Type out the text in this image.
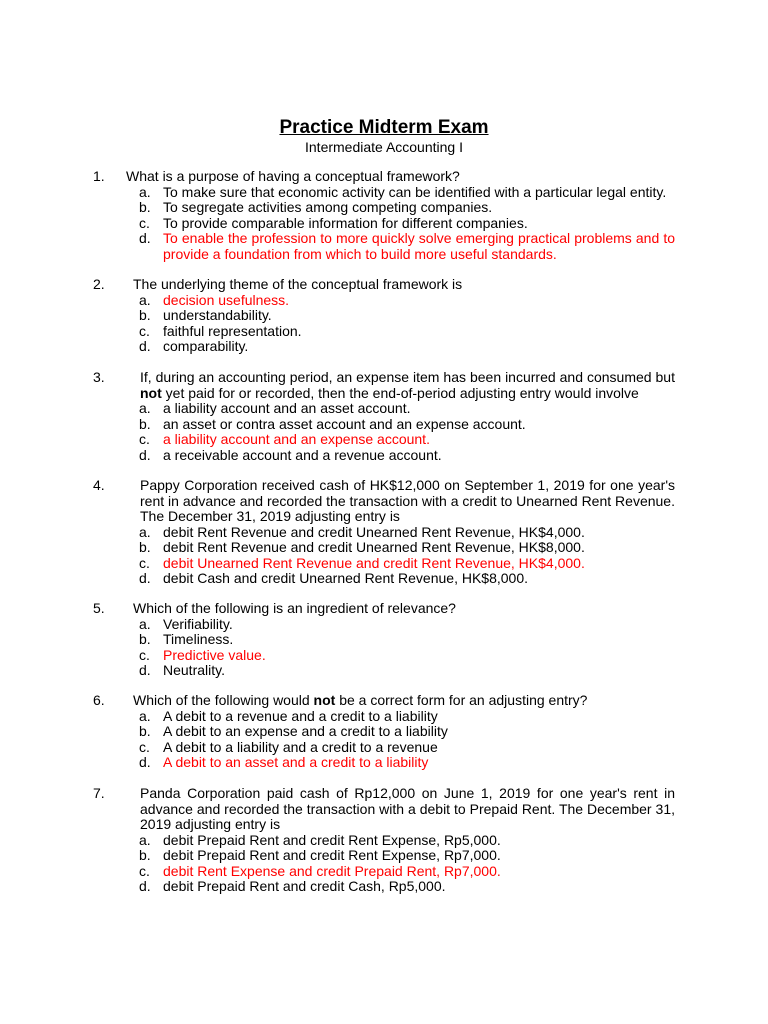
Practice Midterm Exam
Intermediate Accounting I
1. What is a purpose of having a conceptual framework?
a. To make sure that economic activity can be identified with a particular legal entity.
b. To segregate activities among competing companies.
c. To provide comparable information for different companies.
d. To enable the profession to more quickly solve emerging practical problems and to provide a foundation from which to build more useful standards.
2. The underlying theme of the conceptual framework is
a. decision usefulness.
b. understandability.
c. faithful representation.
d. comparability.
3.	If, during an accounting period, an expense item has been incurred and consumed but not yet paid for or recorded, then the end-of-period adjusting entry would involve
a. a liability account and an asset account.
b. an asset or contra asset account and an expense account.
c. a liability account and an expense account.
d. a receivable account and a revenue account.
4.	Pappy Corporation received cash of HK$12,000 on September 1, 2019 for one year's rent in advance and recorded the transaction with a credit to Unearned Rent Revenue. The December 31, 2019 adjusting entry is
a. debit Rent Revenue and credit Unearned Rent Revenue, HK$4,000.
b. debit Rent Revenue and credit Unearned Rent Revenue, HK$8,000.
c. debit Unearned Rent Revenue and credit Rent Revenue, HK$4,000.
d. debit Cash and credit Unearned Rent Revenue, HK$8,000.
5. Which of the following is an ingredient of relevance?
a. Verifiability.
b. Timeliness.
c. Predictive value.
d. Neutrality.
6. Which of the following would not be a correct form for an adjusting entry?
a. A debit to a revenue and a credit to a liability
b. A debit to an expense and a credit to a liability
c. A debit to a liability and a credit to a revenue
d. A debit to an asset and a credit to a liability
7.	Panda Corporation paid cash of Rp12,000 on June 1, 2019 for one year's rent in advance and recorded the transaction with a debit to Prepaid Rent. The December 31, 2019 adjusting entry is
a. debit Prepaid Rent and credit Rent Expense, Rp5,000.
b. debit Prepaid Rent and credit Rent Expense, Rp7,000.
c. debit Rent Expense and credit Prepaid Rent, Rp7,000.
d. debit Prepaid Rent and credit Cash, Rp5,000.
